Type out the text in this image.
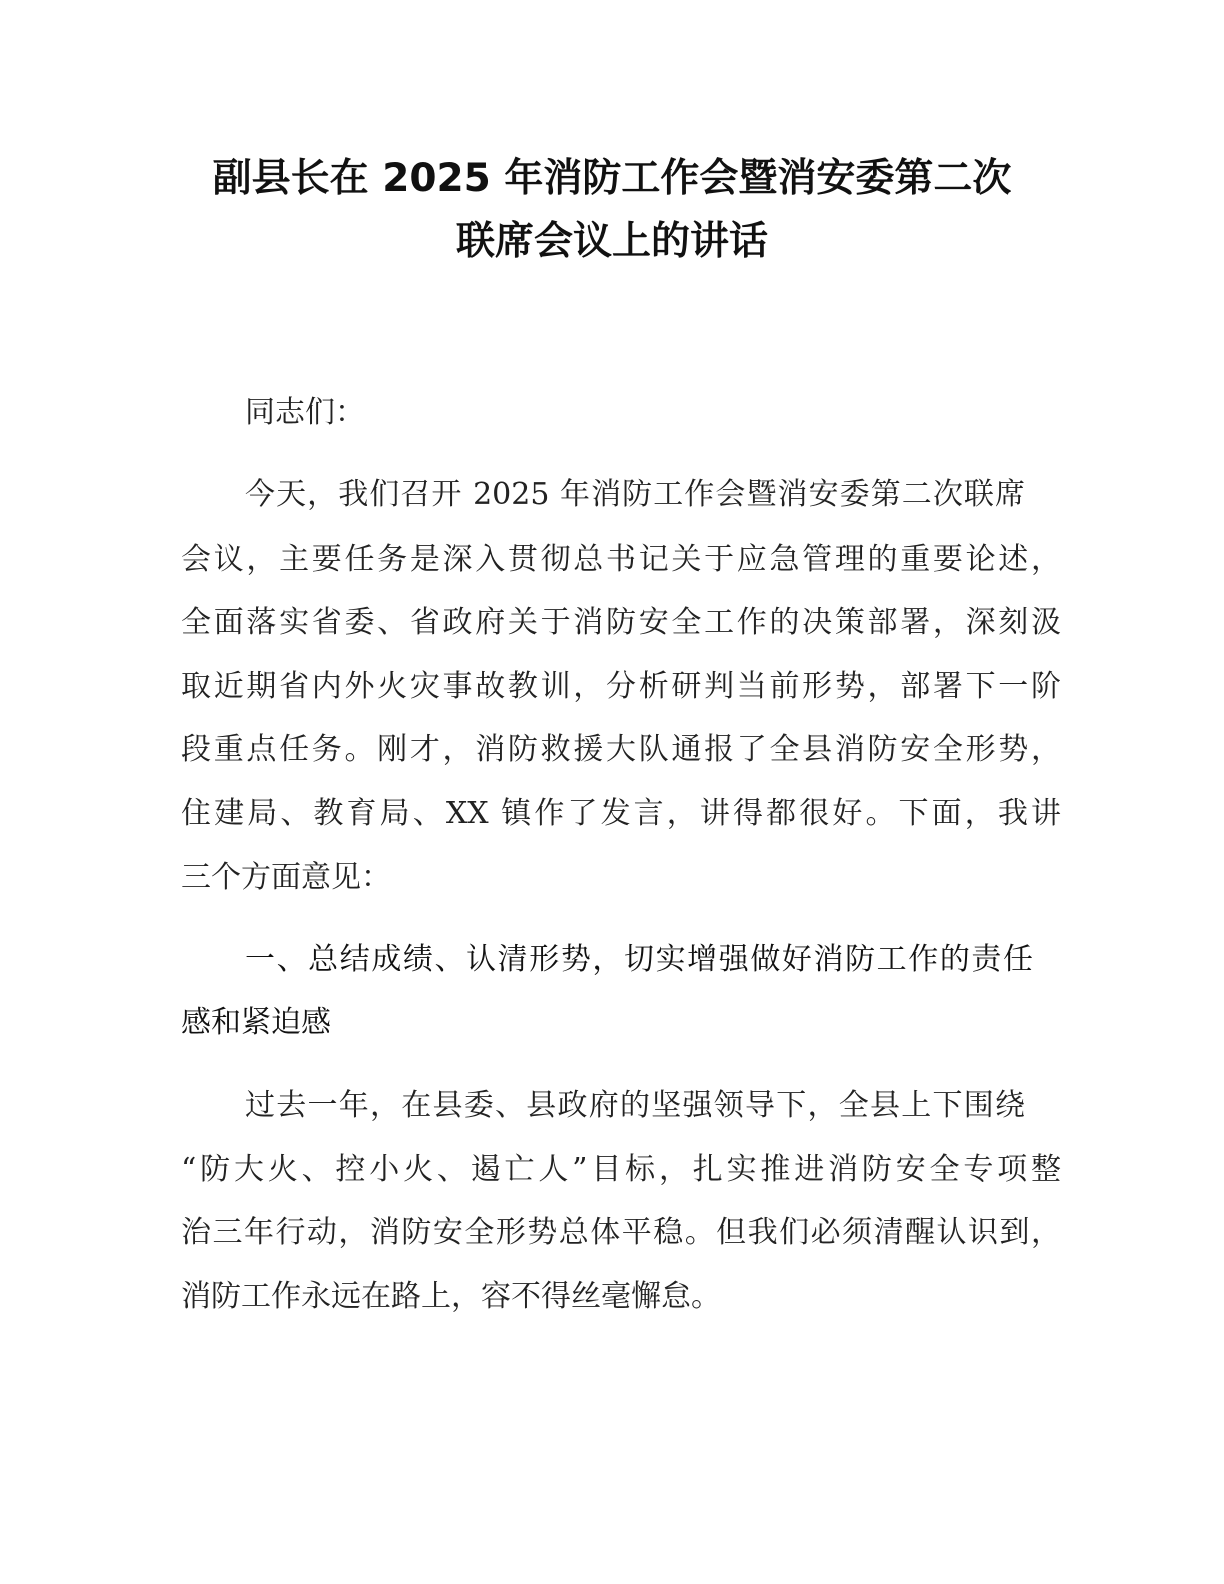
副县长在 2025 年消防工作会暨消安委第二次
联席会议上的讲话
同志们：
今天，我们召开 2025 年消防工作会暨消安委第二次联席
会议，主要任务是深入贯彻总书记关于应急管理的重要论述，
全面落实省委、省政府关于消防安全工作的决策部署，深刻汲
取近期省内外火灾事故教训，分析研判当前形势，部署下一阶
段重点任务。刚才，消防救援大队通报了全县消防安全形势，
住建局、教育局、XX 镇作了发言，讲得都很好。下面，我讲
三个方面意见：
一、总结成绩、认清形势，切实增强做好消防工作的责任
感和紧迫感
过去一年，在县委、县政府的坚强领导下，全县上下围绕
“防大火、控小火、遏亡人”目标，扎实推进消防安全专项整
治三年行动，消防安全形势总体平稳。但我们必须清醒认识到，
消防工作永远在路上，容不得丝毫懈怠。
